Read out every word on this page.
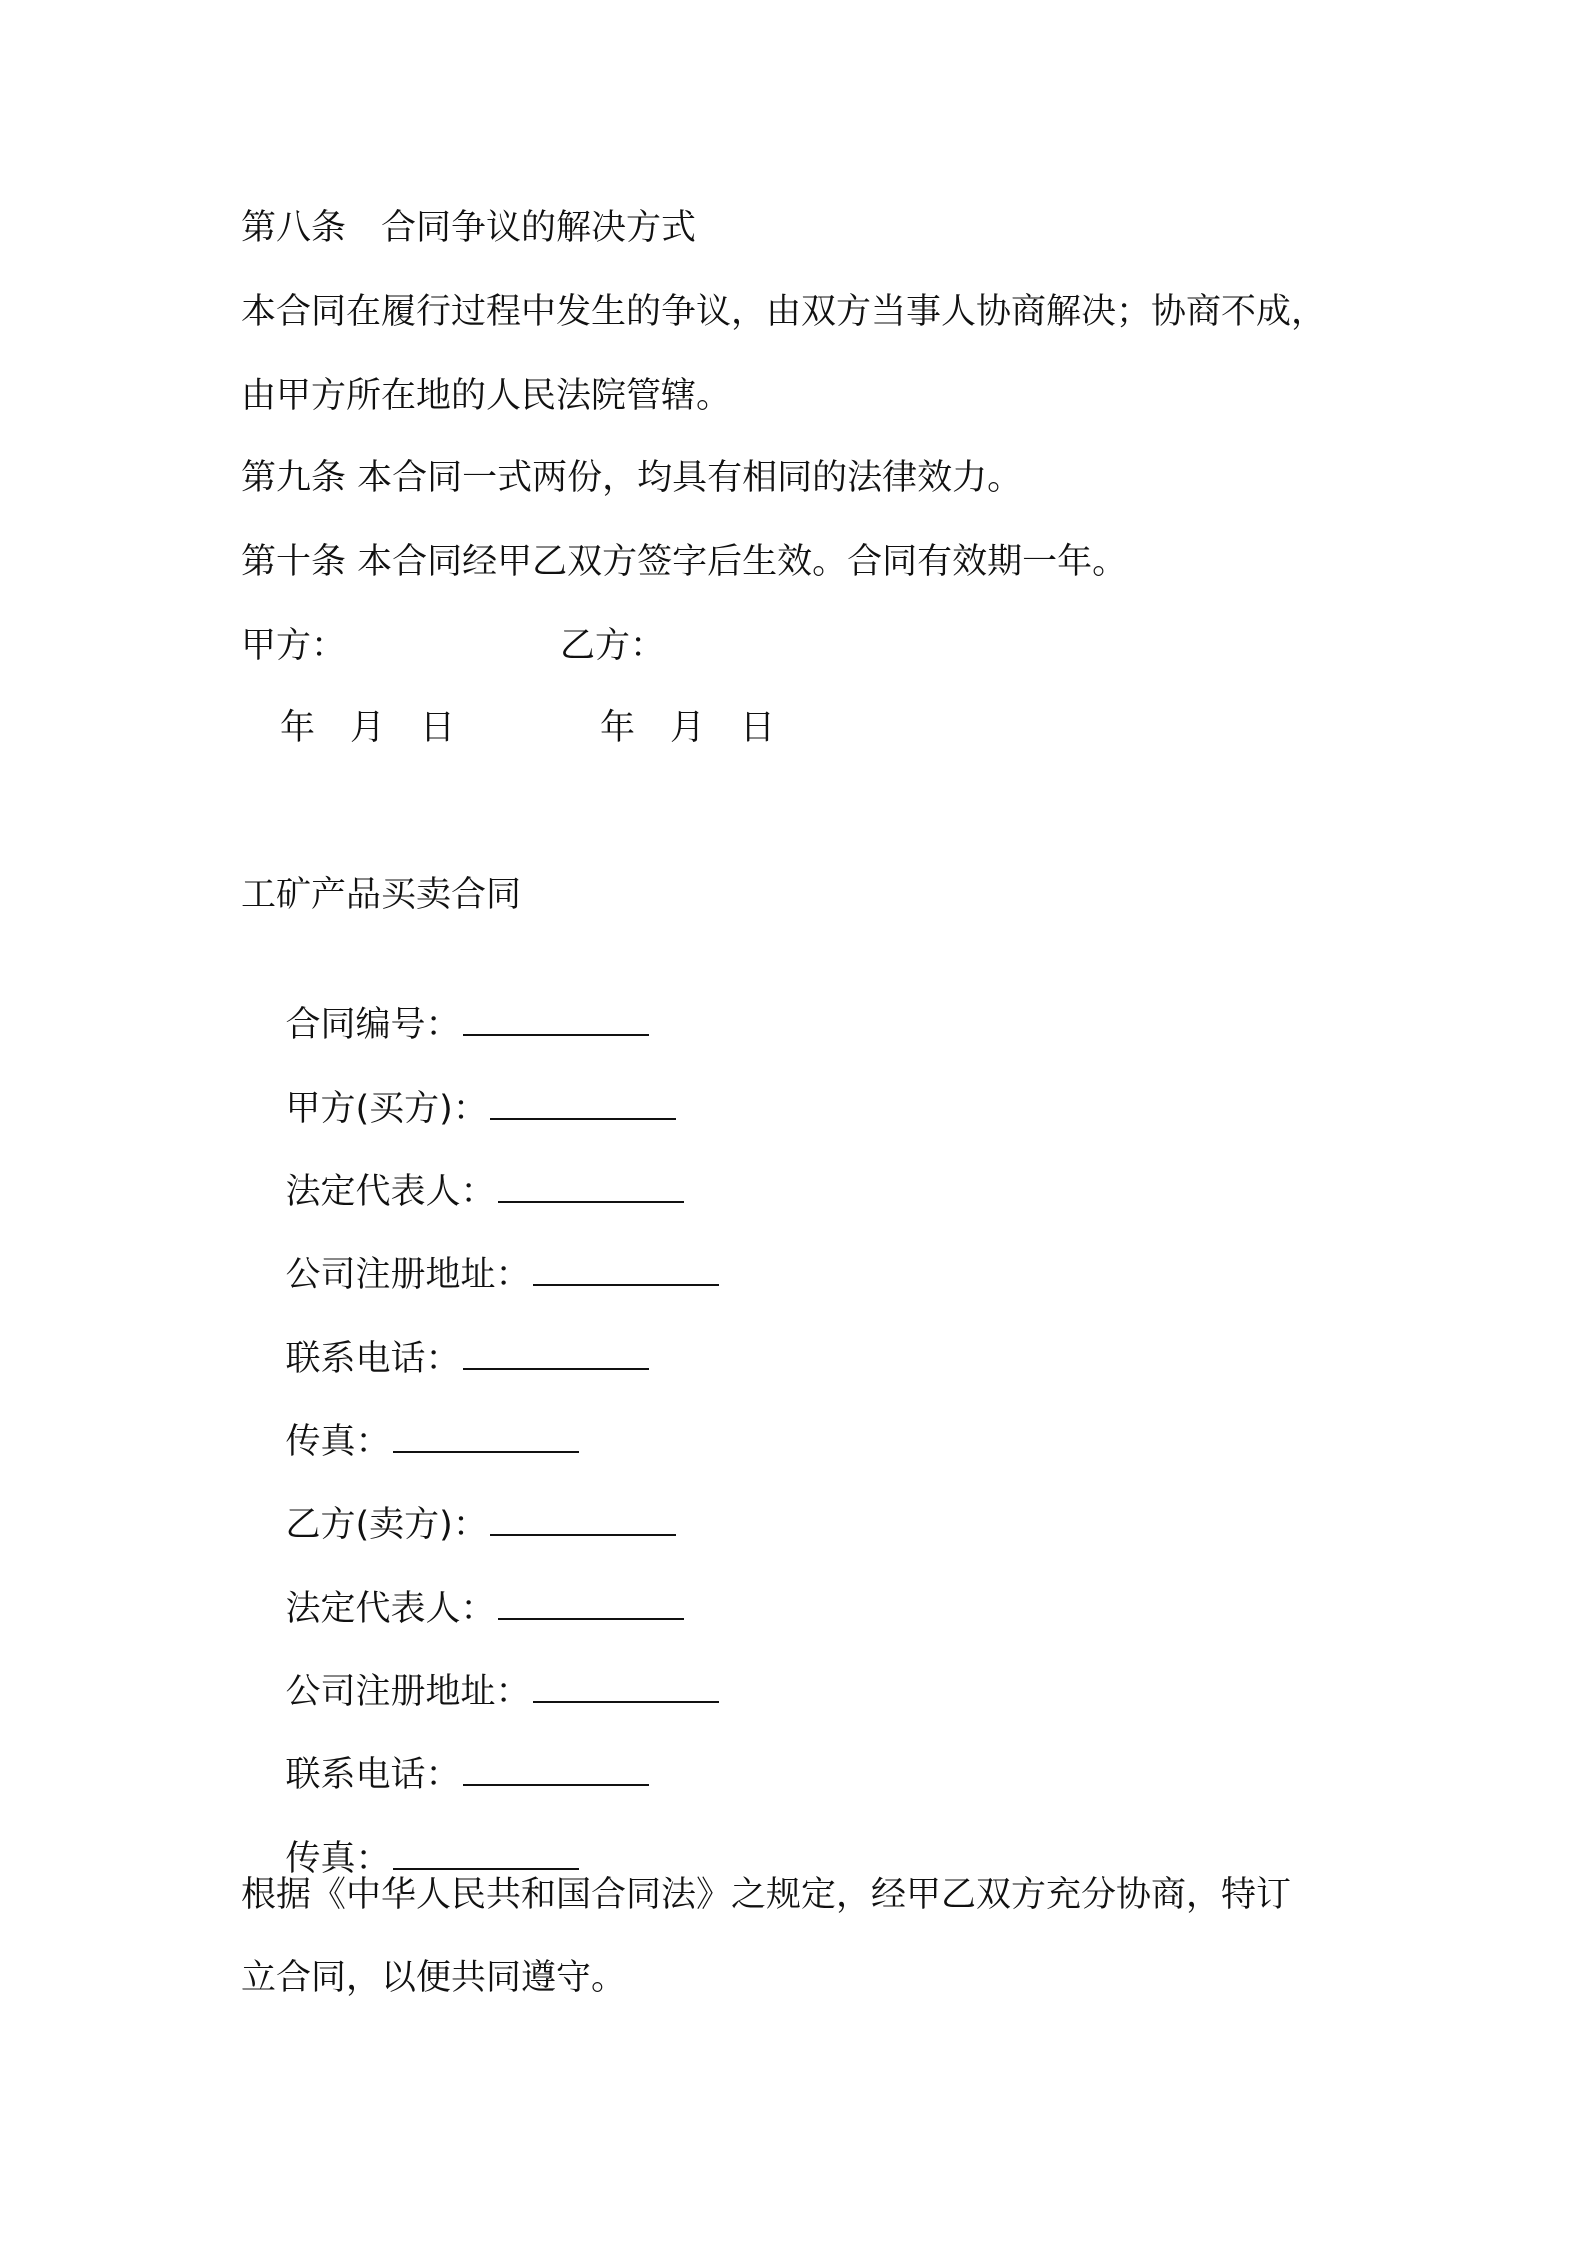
第八条　合同争议的解决方式
本合同在履行过程中发生的争议，由双方当事人协商解决；协商不成，
由甲方所在地的人民法院管辖。
第九条 本合同一式两份，均具有相同的法律效力。
第十条 本合同经甲乙双方签字后生效。合同有效期一年。
甲方：	乙方：
年　月　日	年　月　日
工矿产品买卖合同

合同编号：

甲方(买方)：

法定代表人：

公司注册地址：

联系电话：

传真：

乙方(卖方)：

法定代表人：

公司注册地址：

联系电话：

传真：

根据《中华人民共和国合同法》之规定，经甲乙双方充分协商，特订
立合同，以便共同遵守。
